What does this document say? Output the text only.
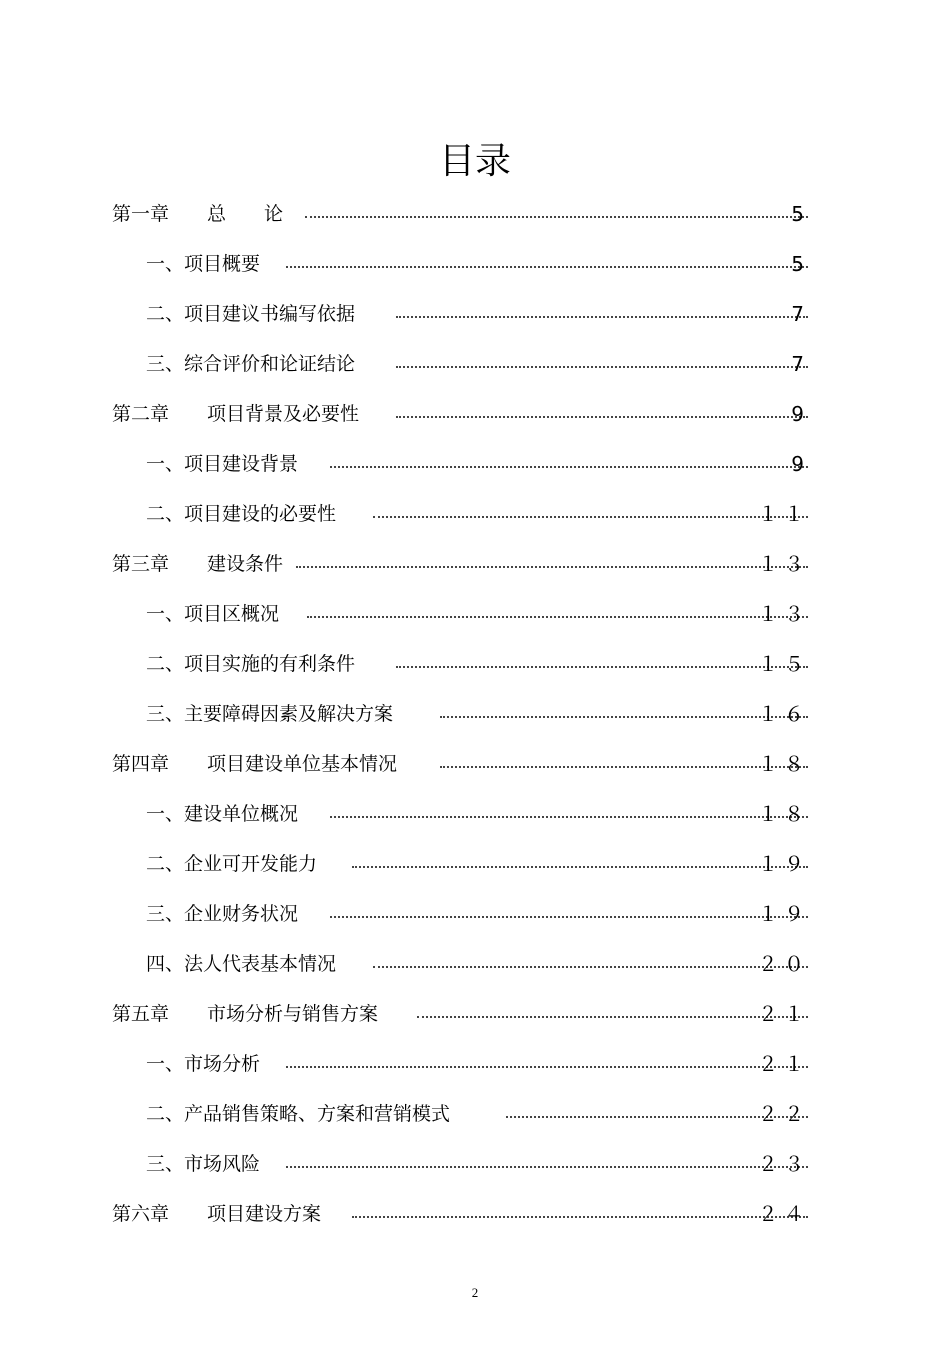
目录
第一章　　总　　论	5
一、项目概要	5
二、项目建议书编写依据	7
三、综合评价和论证结论	7
第二章　　项目背景及必要性	9
一、项目建设背景	9
二、项目建设的必要性	１１
第三章　　建设条件	１３
一、项目区概况	１３
二、项目实施的有利条件	１５
三、主要障碍因素及解决方案	１６
第四章　　项目建设单位基本情况	１８
一、建设单位概况	１８
二、企业可开发能力	１９
三、企业财务状况	１９
四、法人代表基本情况	２０
第五章　　市场分析与销售方案	２１
一、市场分析	２１
二、产品销售策略、方案和营销模式	２２
三、市场风险	２３
第六章　　项目建设方案	２４
2
